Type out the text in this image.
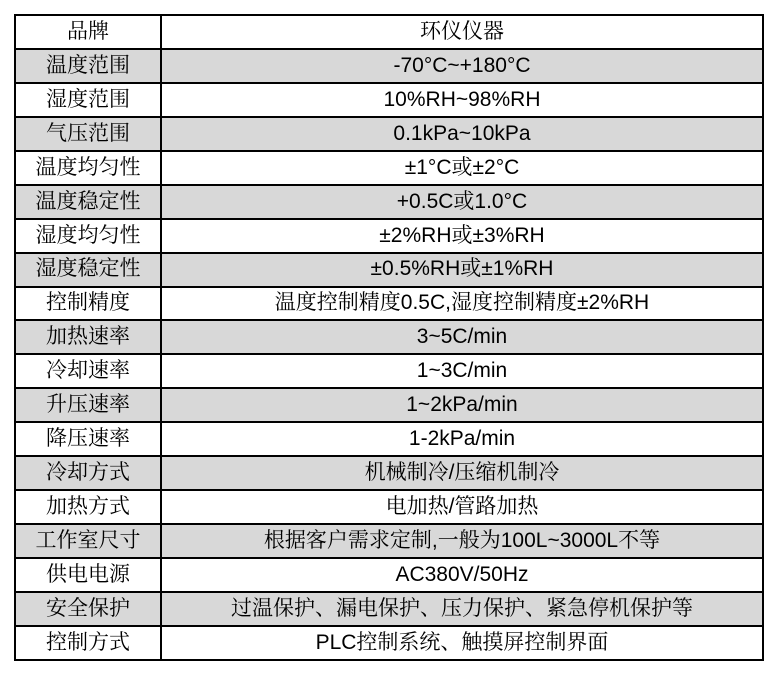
品牌	环仪仪器
温度范围	-70°C~+180°C
湿度范围	10%RH~98%RH
气压范围	0.1kPa~10kPa
温度均匀性	±1°C或±2°C
温度稳定性	+0.5C或1.0°C
湿度均匀性	±2%RH或±3%RH
湿度稳定性	±0.5%RH或±1%RH
控制精度	温度控制精度0.5C,湿度控制精度±2%RH
加热速率	3~5C/min
冷却速率	1~3C/min
升压速率	1~2kPa/min
降压速率	1-2kPa/min
冷却方式	机械制冷/压缩机制冷
加热方式	电加热/管路加热
工作室尺寸	根据客户需求定制,一般为100L~3000L不等
供电电源	AC380V/50Hz
安全保护	过温保护、漏电保护、压力保护、紧急停机保护等
控制方式	PLC控制系统、触摸屏控制界面
